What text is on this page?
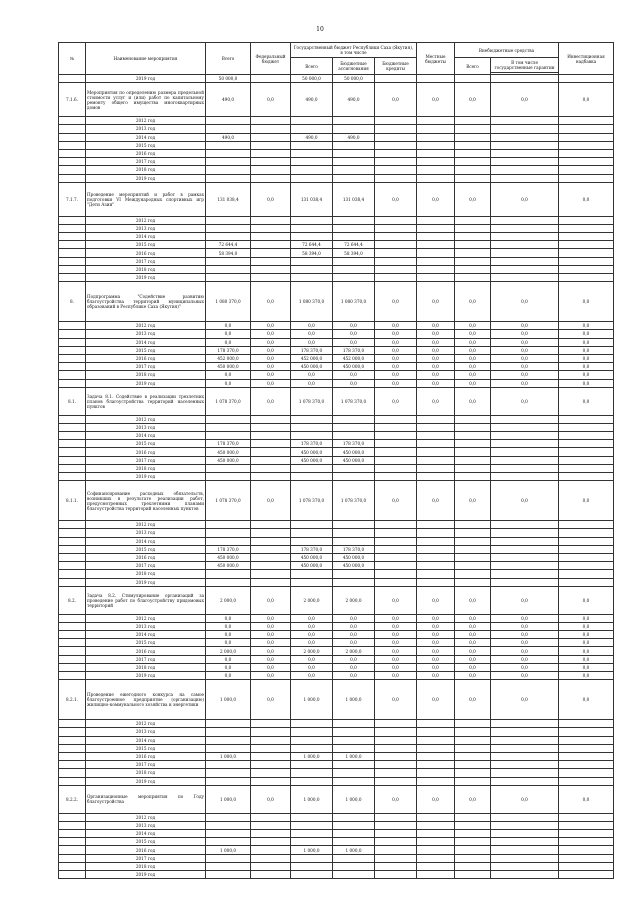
10
№	Наименование мероприятия	Всего	Федеральный бюджет	Государственный бюджет Республики Саха (Якутия), в том числе			Местные бюджеты	Внебюджетные средства		Инвестиционная надбавка
				Всего	Бюджетные ассигнования	Бюджетные кредиты		Всего	В том числе государственные гарантии	

	2019 год	50 000,0		50 000,0	50 000,0					
7.1.6.	Мероприятия по определению размера предельной стоимости услуг и (или) работ по капитальному ремонту общего имущества многоквартирных домов	490,0	0,0	490,0	490,0	0,0	0,0	0,0	0,0	0,0
	2012 год									
	2013 год									
	2014 год	490,0		490,0	490,0					
	2015 год									
	2016 год									
	2017 год									
	2018 год									
	2019 год									
7.1.7.	Проведение мероприятий и работ в рамках подготовки VI Международных спортивных игр "Дети Азии"	131 038,4	0,0	131 038,4	131 038,4	0,0	0,0	0,0	0,0	0,0
	2012 год									
	2013 год									
	2014 год									
	2015 год	72 644,4		72 644,4	72 644,4					
	2016 год	58 394,0		58 394,0	58 394,0					
	2017 год									
	2018 год									
	2019 год									
8.	Подпрограмма "Содействие развитию благоустройства территорий муниципальных образований в Республике Саха (Якутия)"	1 080 370,0	0,0	1 080 370,0	1 080 370,0	0,0	0,0	0,0	0,0	0,0
	2012 год	0,0	0,0	0,0	0,0	0,0	0,0	0,0	0,0	0,0
	2013 год	0,0	0,0	0,0	0,0	0,0	0,0	0,0	0,0	0,0
	2014 год	0,0	0,0	0,0	0,0	0,0	0,0	0,0	0,0	0,0
	2015 год	178 370,0	0,0	178 370,0	178 370,0	0,0	0,0	0,0	0,0	0,0
	2016 год	452 000,0	0,0	452 000,0	452 000,0	0,0	0,0	0,0	0,0	0,0
	2017 год	450 000,0	0,0	450 000,0	450 000,0	0,0	0,0	0,0	0,0	0,0
	2018 год	0,0	0,0	0,0	0,0	0,0	0,0	0,0	0,0	0,0
	2019 год	0,0	0,0	0,0	0,0	0,0	0,0	0,0	0,0	0,0
8.1.	Задача 8.1. Содействие в реализации трехлетних планов благоустройства территорий населенных пунктов	1 078 370,0	0,0	1 078 370,0	1 078 370,0	0,0	0,0	0,0	0,0	0,0
	2012 год									
	2013 год									
	2014 год									
	2015 год	178 370,0		178 370,0	178 370,0					
	2016 год	450 000,0		450 000,0	450 000,0					
	2017 год	450 000,0		450 000,0	450 000,0					
	2018 год									
	2019 год									
8.1.1.	Софинансирование расходных обязательств, возникших в результате реализации работ, предусмотренных трехлетними планами благоустройства территорий населенных пунктов	1 078 370,0	0,0	1 078 370,0	1 078 370,0	0,0	0,0	0,0	0,0	0,0
	2012 год									
	2013 год									
	2014 год									
	2015 год	178 370,0		178 370,0	178 370,0					
	2016 год	450 000,0		450 000,0	450 000,0					
	2017 год	450 000,0		450 000,0	450 000,0					
	2018 год									
	2019 год									
8.2.	Задача 8.2. Стимулирование организаций за проведение работ по благоустройству придомовых территорий	2 000,0	0,0	2 000,0	2 000,0	0,0	0,0	0,0	0,0	0,0
	2012 год	0,0	0,0	0,0	0,0	0,0	0,0	0,0	0,0	0,0
	2013 год	0,0	0,0	0,0	0,0	0,0	0,0	0,0	0,0	0,0
	2014 год	0,0	0,0	0,0	0,0	0,0	0,0	0,0	0,0	0,0
	2015 год	0,0	0,0	0,0	0,0	0,0	0,0	0,0	0,0	0,0
	2016 год	2 000,0	0,0	2 000,0	2 000,0	0,0	0,0	0,0	0,0	0,0
	2017 год	0,0	0,0	0,0	0,0	0,0	0,0	0,0	0,0	0,0
	2018 год	0,0	0,0	0,0	0,0	0,0	0,0	0,0	0,0	0,0
	2019 год	0,0	0,0	0,0	0,0	0,0	0,0	0,0	0,0	0,0
8.2.1.	Проведение ежегодного конкурса на самое благоустроенное предприятие (организацию) жилищно-коммунального хозяйства и энергетики	1 000,0	0,0	1 000,0	1 000,0	0,0	0,0	0,0	0,0	0,0
	2012 год									
	2013 год									
	2014 год									
	2015 год									
	2016 год	1 000,0		1 000,0	1 000,0					
	2017 год									
	2018 год									
	2019 год									
8.2.2.	Организационные мероприятия по Году благоустройства	1 000,0	0,0	1 000,0	1 000,0	0,0	0,0	0,0	0,0	0,0
	2012 год									
	2013 год									
	2014 год									
	2015 год									
	2016 год	1 000,0		1 000,0	1 000,0					
	2017 год									
	2018 год									
	2019 год									
